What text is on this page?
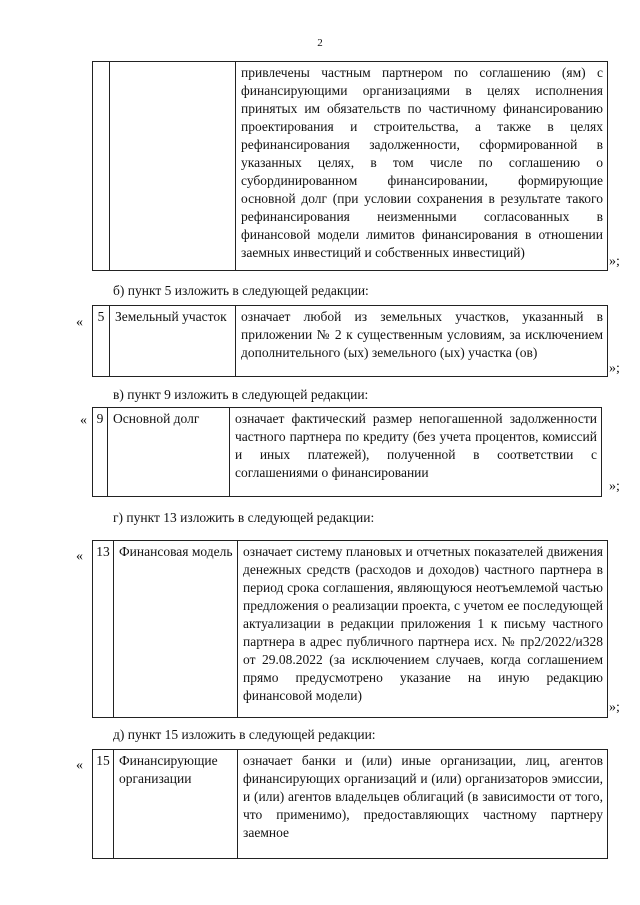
2
		привлечены частным партнером по соглашению (ям) с финансирующими организациями в целях исполнения принятых им обязательств по частичному финансированию проектирования и строительства, а также в целях рефинансирования задолженности, сформированной в указанных целях, в том числе по соглашению о субординированном финансировании, формирующие основной долг (при условии сохранения в результате такого рефинансирования неизменными согласованных в финансовой модели лимитов финансирования в отношении заемных инвестиций и собственных инвестиций)
»;
б) пункт 5 изложить в следующей редакции:
« 5	Земельный участок	означает любой из земельных участков, указанный в приложении № 2 к существенным условиям, за исключением дополнительного (ых) земельного (ых) участка (ов)
»;
в) пункт 9 изложить в следующей редакции:
« 9	Основной долг	означает фактический размер непогашенной задолженности частного партнера по кредиту (без учета процентов, комиссий и иных платежей), полученной в соответствии с соглашениями о финансировании
»;
г) пункт 13 изложить в следующей редакции:
« 13	Финансовая модель	означает систему плановых и отчетных показателей движения денежных средств (расходов и доходов) частного партнера в период срока соглашения, являющуюся неотъемлемой частью предложения о реализации проекта, с учетом ее последующей актуализации в редакции приложения 1 к письму частного партнера в адрес публичного партнера исх. № пр2/2022/и328 от 29.08.2022 (за исключением случаев, когда соглашением прямо предусмотрено указание на иную редакцию финансовой модели)
»;
д) пункт 15 изложить в следующей редакции:
« 15	Финансирующие организации	означает банки и (или) иные организации, лиц, агентов финансирующих организаций и (или) организаторов эмиссии, и (или) агентов владельцев облигаций (в зависимости от того, что применимо), предоставляющих частному партнеру заемное
